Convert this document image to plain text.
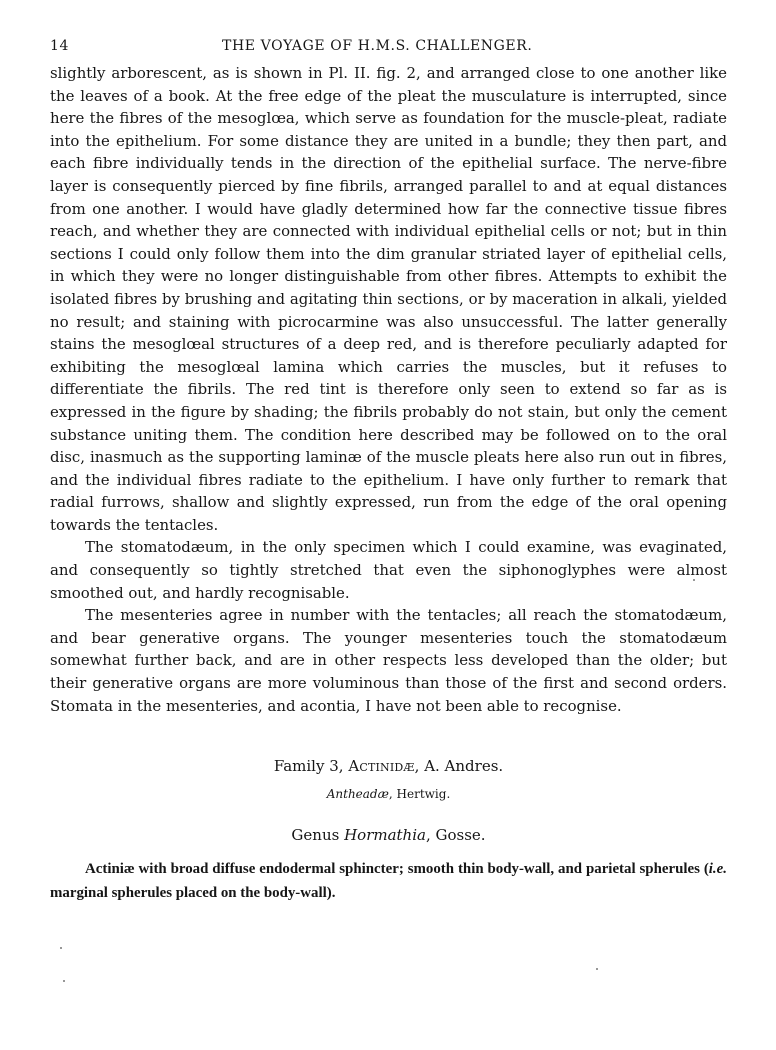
14	THE VOYAGE OF H.M.S. CHALLENGER.

slightly arborescent, as is shown in Pl. II. fig. 2, and arranged close to one another like the leaves of a book. At the free edge of the pleat the musculature is interrupted, since here the fibres of the mesoglœa, which serve as foundation for the muscle-pleat, radiate into the epithelium. For some distance they are united in a bundle; they then part, and each fibre individually tends in the direction of the epithelial surface. The nerve-fibre layer is consequently pierced by fine fibrils, arranged parallel to and at equal distances from one another. I would have gladly determined how far the connective tissue fibres reach, and whether they are connected with individual epithelial cells or not; but in thin sections I could only follow them into the dim granular striated layer of epithelial cells, in which they were no longer distinguishable from other fibres. Attempts to exhibit the isolated fibres by brushing and agitating thin sections, or by maceration in alkali, yielded no result; and staining with picrocarmine was also unsuccessful. The latter generally stains the mesoglœal structures of a deep red, and is therefore peculiarly adapted for exhibiting the mesoglœal lamina which carries the muscles, but it refuses to differentiate the fibrils. The red tint is therefore only seen to extend so far as is expressed in the figure by shading; the fibrils probably do not stain, but only the cement substance uniting them. The condition here described may be followed on to the oral disc, inasmuch as the supporting laminæ of the muscle pleats here also run out in fibres, and the individual fibres radiate to the epithelium. I have only further to remark that radial furrows, shallow and slightly expressed, run from the edge of the oral opening towards the tentacles.

The stomatodæum, in the only specimen which I could examine, was evaginated, and consequently so tightly stretched that even the siphonoglyphes were almost smoothed out, and hardly recognisable.

The mesenteries agree in number with the tentacles; all reach the stomatodæum, and bear generative organs. The younger mesenteries touch the stomatodæum somewhat further back, and are in other respects less developed than the older; but their generative organs are more voluminous than those of the first and second orders. Stomata in the mesenteries, and acontia, I have not been able to recognise.

Family 3, Actinidæ, A. Andres.
Antheadæ, Hertwig.
Genus Hormathia, Gosse.

Actiniæ with broad diffuse endodermal sphincter; smooth thin body-wall, and parietal spherules (i.e. marginal spherules placed on the body-wall).
